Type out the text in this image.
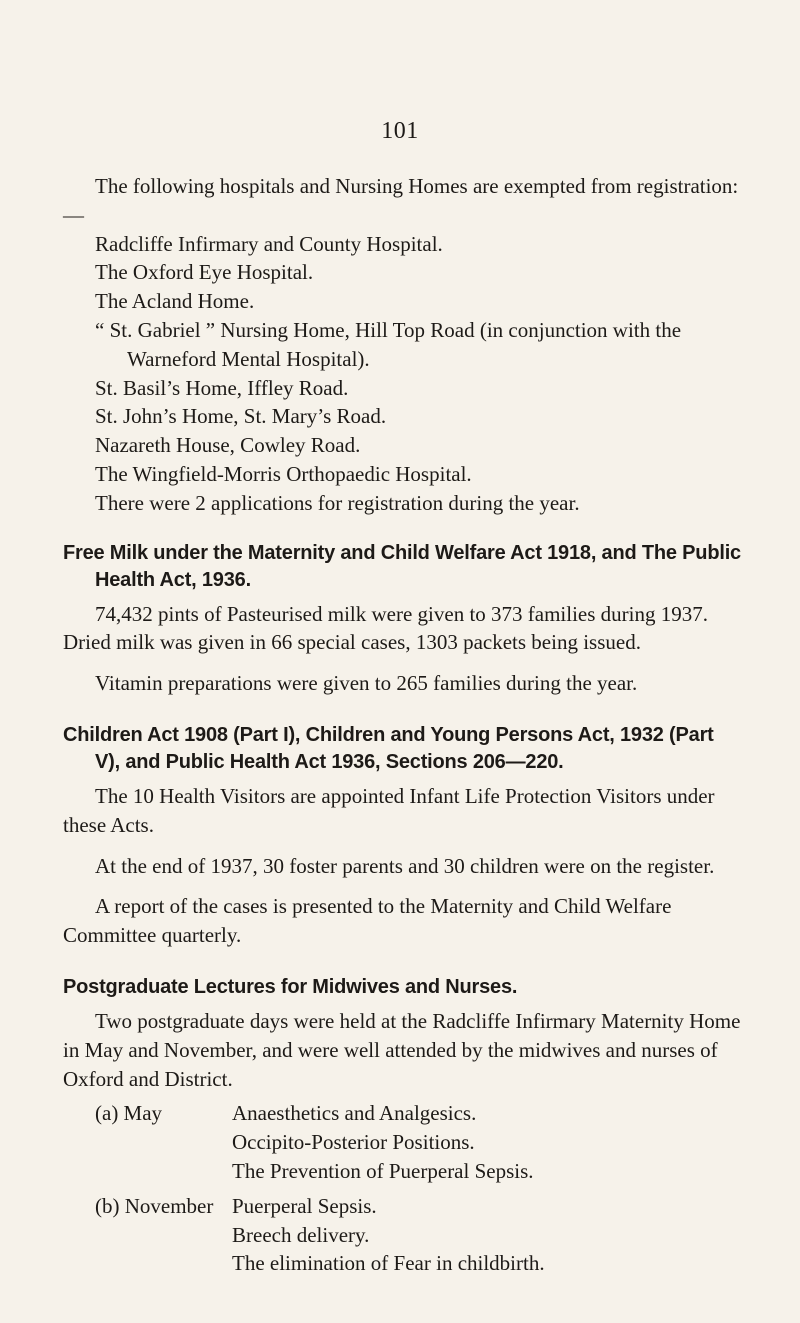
101

The following hospitals and Nursing Homes are exempted from registration:—

Radcliffe Infirmary and County Hospital.
The Oxford Eye Hospital.
The Acland Home.
“ St. Gabriel ” Nursing Home, Hill Top Road (in conjunction with the Warneford Mental Hospital).
St. Basil’s Home, Iffley Road.
St. John’s Home, St. Mary’s Road.
Nazareth House, Cowley Road.
The Wingfield-Morris Orthopaedic Hospital.

There were 2 applications for registration during the year.

Free Milk under the Maternity and Child Welfare Act 1918, and The Public Health Act, 1936.

74,432 pints of Pasteurised milk were given to 373 families during 1937. Dried milk was given in 66 special cases, 1303 packets being issued.

Vitamin preparations were given to 265 families during the year.

Children Act 1908 (Part I), Children and Young Persons Act, 1932 (Part V), and Public Health Act 1936, Sections 206—220.

The 10 Health Visitors are appointed Infant Life Protection Visitors under these Acts.

At the end of 1937, 30 foster parents and 30 children were on the register.

A report of the cases is presented to the Maternity and Child Welfare Committee quarterly.

Postgraduate Lectures for Midwives and Nurses.

Two postgraduate days were held at the Radcliffe Infirmary Maternity Home in May and November, and were well attended by the midwives and nurses of Oxford and District.

(a) May	Anaesthetics and Analgesics.
Occipito-Posterior Positions.
The Prevention of Puerperal Sepsis.
(b) November Puerperal Sepsis.
Breech delivery.
The elimination of Fear in childbirth.
